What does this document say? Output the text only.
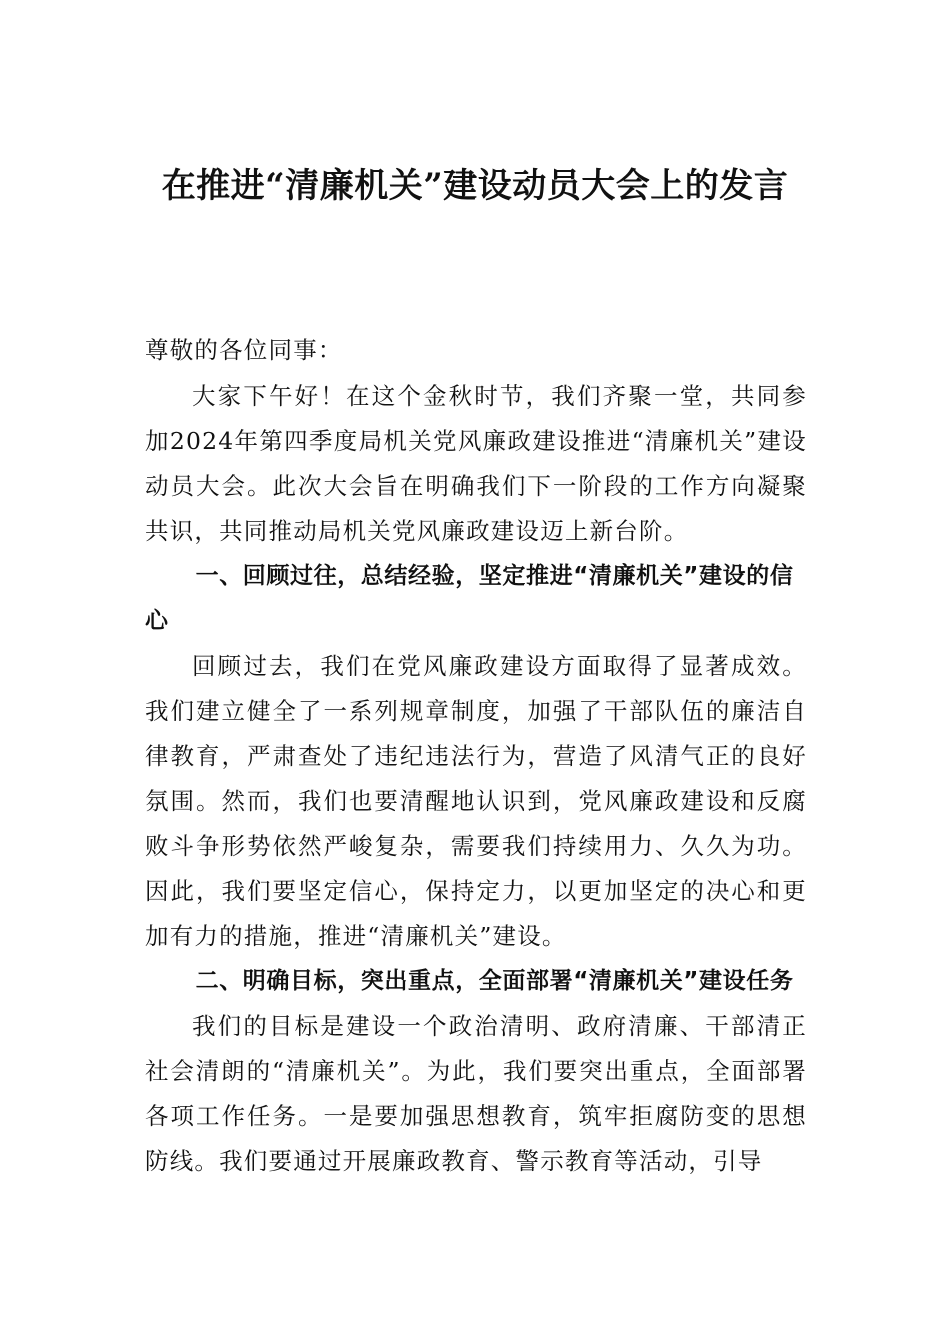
在推进“清廉机关”建设动员大会上的发言

尊敬的各位同事：

大家下午好！在这个金秋时节，我们齐聚一堂，共同参加2024年第四季度局机关党风廉政建设推进“清廉机关”建设动员大会。此次大会旨在明确我们下一阶段的工作方向凝聚共识，共同推动局机关党风廉政建设迈上新台阶。

一、回顾过往，总结经验，坚定推进“清廉机关”建设的信心

回顾过去，我们在党风廉政建设方面取得了显著成效。我们建立健全了一系列规章制度，加强了干部队伍的廉洁自律教育，严肃查处了违纪违法行为，营造了风清气正的良好氛围。然而，我们也要清醒地认识到，党风廉政建设和反腐败斗争形势依然严峻复杂，需要我们持续用力、久久为功。因此，我们要坚定信心，保持定力，以更加坚定的决心和更加有力的措施，推进“清廉机关”建设。

二、明确目标，突出重点，全面部署“清廉机关”建设任务

我们的目标是建设一个政治清明、政府清廉、干部清正社会清朗的“清廉机关”。为此，我们要突出重点，全面部署各项工作任务。一是要加强思想教育，筑牢拒腐防变的思想防线。我们要通过开展廉政教育、警示教育等活动，引导
